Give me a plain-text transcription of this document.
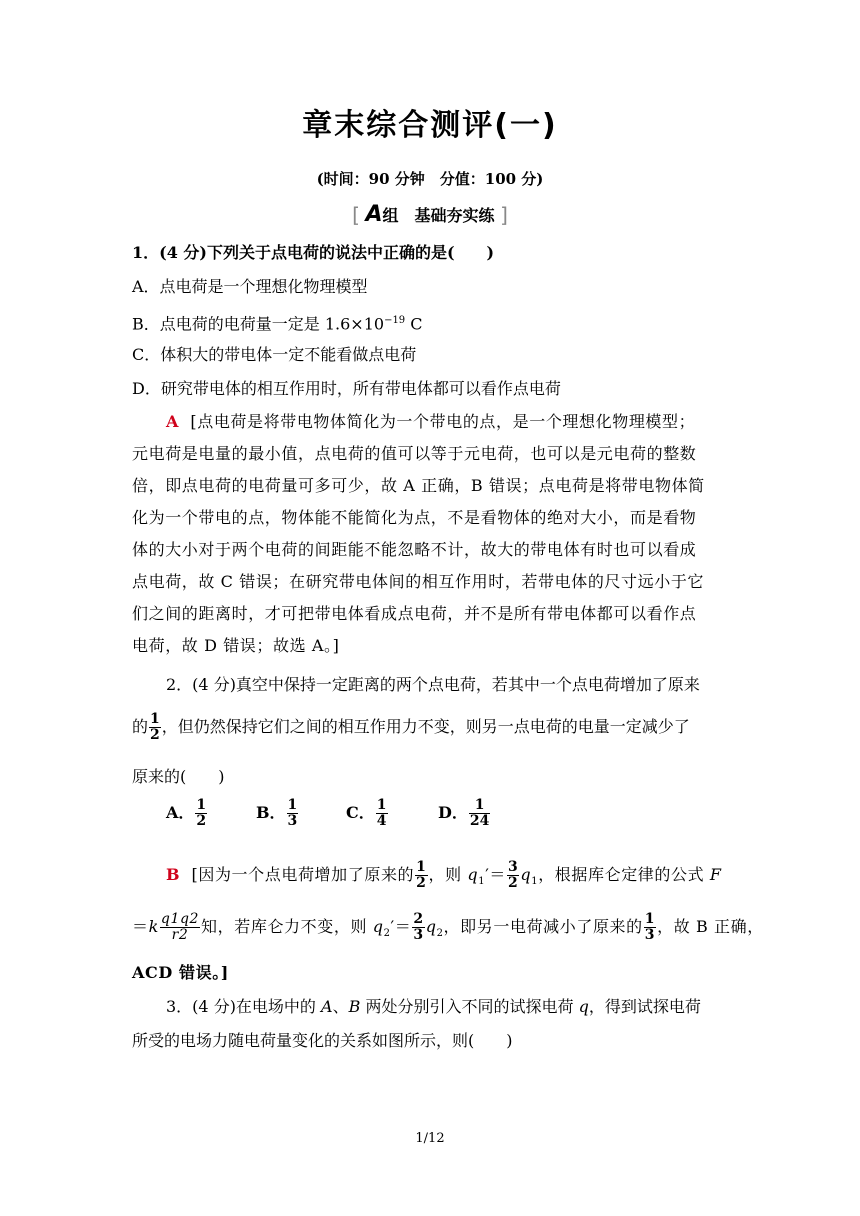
章末综合测评(一)
(时间：90 分钟　分值：100 分)
[ A组　基础夯实练 ]
1．(4 分)下列关于点电荷的说法中正确的是(　　)
A．点电荷是一个理想化物理模型
B．点电荷的电荷量一定是 $1.6\times 10^{-19}$ C
C．体积大的带电体一定不能看做点电荷
D．研究带电体的相互作用时，所有带电体都可以看作点电荷
A [点电荷是将带电物体简化为一个带电的点，是一个理想化物理模型；
元电荷是电量的最小值，点电荷的值可以等于元电荷，也可以是元电荷的整数
倍，即点电荷的电荷量可多可少，故 A 正确，B 错误；点电荷是将带电物体简
化为一个带电的点，物体能不能简化为点，不是看物体的绝对大小，而是看物
体的大小对于两个电荷的间距能不能忽略不计，故大的带电体有时也可以看成
点电荷，故 C 错误；在研究带电体间的相互作用时，若带电体的尺寸远小于它
们之间的距离时，才可把带电体看成点电荷，并不是所有带电体都可以看作点
电荷，故 D 错误；故选 A。]
2．(4 分)真空中保持一定距离的两个点电荷，若其中一个点电荷增加了原来
的 $\frac{1}{2}$ ，但仍然保持它们之间的相互作用力不变，则另一点电荷的电量一定减少了
原来的(　　)
A． $\frac{1}{2}$	B． $\frac{1}{3}$	C． $\frac{1}{4}$	D． $\frac{1}{24}$
B [因为一个点电荷增加了原来的 $\frac{1}{2}$ ，则 $q_1'= \frac{3}{2} q_1$，根据库仑定律的公式 F
$=k \frac{q1q2}{r2}$ 知，若库仑力不变，则 $q_2'= \frac{2}{3} q_2$，即另一电荷减小了原来的 $\frac{1}{3}$ ，故 B 正确，
ACD 错误。]
3．(4 分)在电场中的 A、B 两处分别引入不同的试探电荷 q，得到试探电荷
所受的电场力随电荷量变化的关系如图所示，则(　　)
1/12
